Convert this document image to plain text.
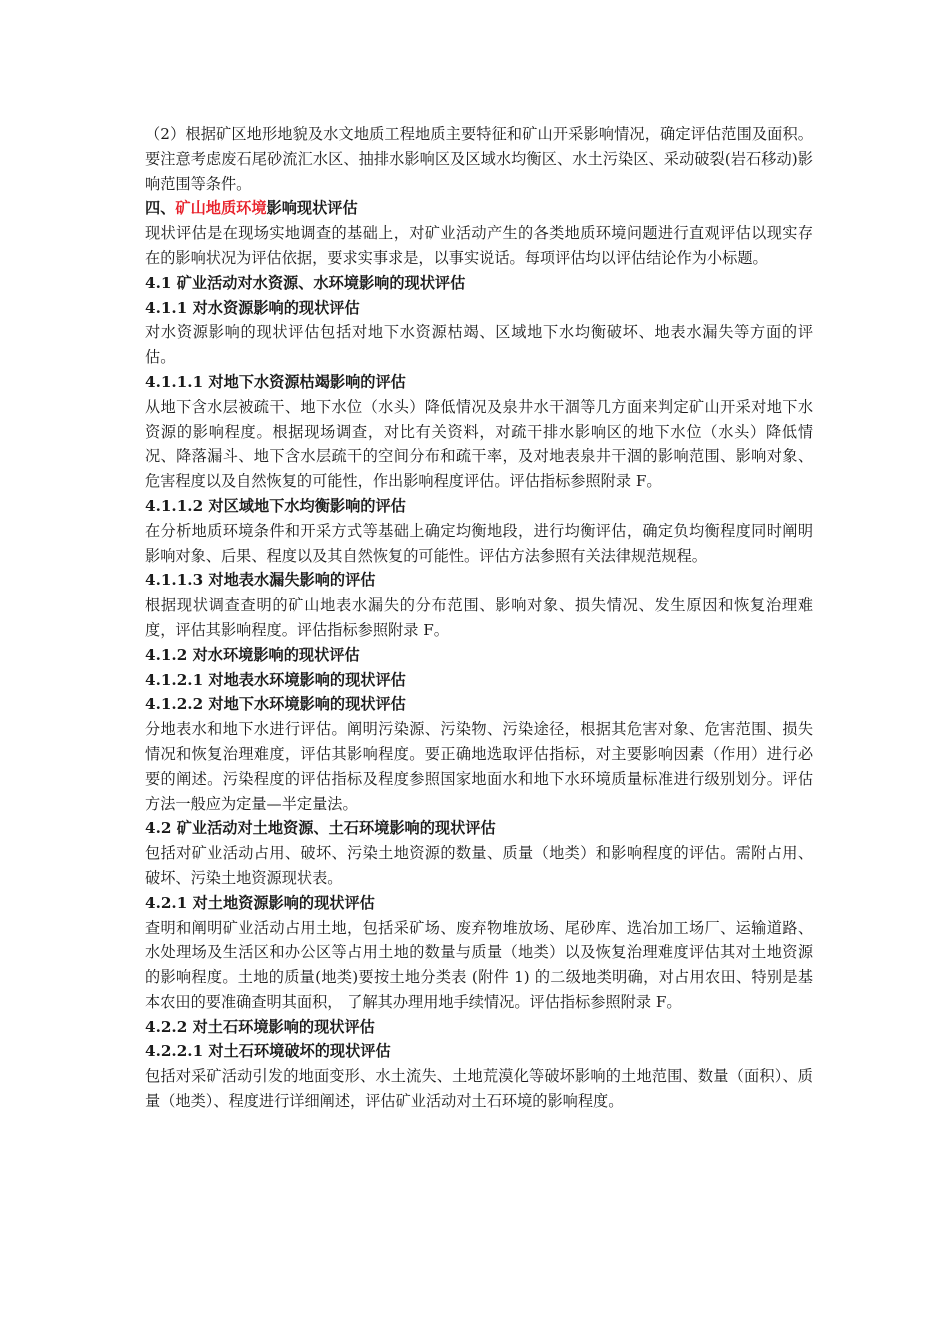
（2）根据矿区地形地貌及水文地质工程地质主要特征和矿山开采影响情况，确定评估范围及面积。要注意考虑废石尾砂流汇水区、抽排水影响区及区域水均衡区、水土污染区、采动破裂(岩石移动)影响范围等条件。

四、矿山地质环境影响现状评估

现状评估是在现场实地调查的基础上，对矿业活动产生的各类地质环境问题进行直观评估以现实存在的影响状况为评估依据，要求实事求是，以事实说话。每项评估均以评估结论作为小标题。

4.1 矿业活动对水资源、水环境影响的现状评估

4.1.1 对水资源影响的现状评估

对水资源影响的现状评估包括对地下水资源枯竭、区域地下水均衡破坏、地表水漏失等方面的评估。

4.1.1.1 对地下水资源枯竭影响的评估

从地下含水层被疏干、地下水位（水头）降低情况及泉井水干涸等几方面来判定矿山开采对地下水资源的影响程度。根据现场调查，对比有关资料，对疏干排水影响区的地下水位（水头）降低情况、降落漏斗、地下含水层疏干的空间分布和疏干率，及对地表泉井干涸的影响范围、影响对象、危害程度以及自然恢复的可能性，作出影响程度评估。评估指标参照附录 F。

4.1.1.2 对区域地下水均衡影响的评估

在分析地质环境条件和开采方式等基础上确定均衡地段，进行均衡评估，确定负均衡程度同时阐明影响对象、后果、程度以及其自然恢复的可能性。评估方法参照有关法律规范规程。

4.1.1.3 对地表水漏失影响的评估

根据现状调查查明的矿山地表水漏失的分布范围、影响对象、损失情况、发生原因和恢复治理难度，评估其影响程度。评估指标参照附录 F。

4.1.2 对水环境影响的现状评估

4.1.2.1 对地表水环境影响的现状评估

4.1.2.2 对地下水环境影响的现状评估

分地表水和地下水进行评估。阐明污染源、污染物、污染途径，根据其危害对象、危害范围、损失情况和恢复治理难度，评估其影响程度。要正确地选取评估指标，对主要影响因素（作用）进行必要的阐述。污染程度的评估指标及程度参照国家地面水和地下水环境质量标准进行级别划分。评估方法一般应为定量—半定量法。

4.2 矿业活动对土地资源、土石环境影响的现状评估

包括对矿业活动占用、破坏、污染土地资源的数量、质量（地类）和影响程度的评估。需附占用、破坏、污染土地资源现状表。

4.2.1 对土地资源影响的现状评估

查明和阐明矿业活动占用土地，包括采矿场、废弃物堆放场、尾砂库、选冶加工场厂、运输道路、水处理场及生活区和办公区等占用土地的数量与质量（地类）以及恢复治理难度评估其对土地资源的影响程度。土地的质量(地类)要按土地分类表 (附件 1) 的二级地类明确，对占用农田、特别是基本农田的要准确查明其面积， 了解其办理用地手续情况。评估指标参照附录 F。

4.2.2 对土石环境影响的现状评估

4.2.2.1 对土石环境破坏的现状评估

包括对采矿活动引发的地面变形、水土流失、土地荒漠化等破坏影响的土地范围、数量（面积）、质量（地类）、程度进行详细阐述，评估矿业活动对土石环境的影响程度。
